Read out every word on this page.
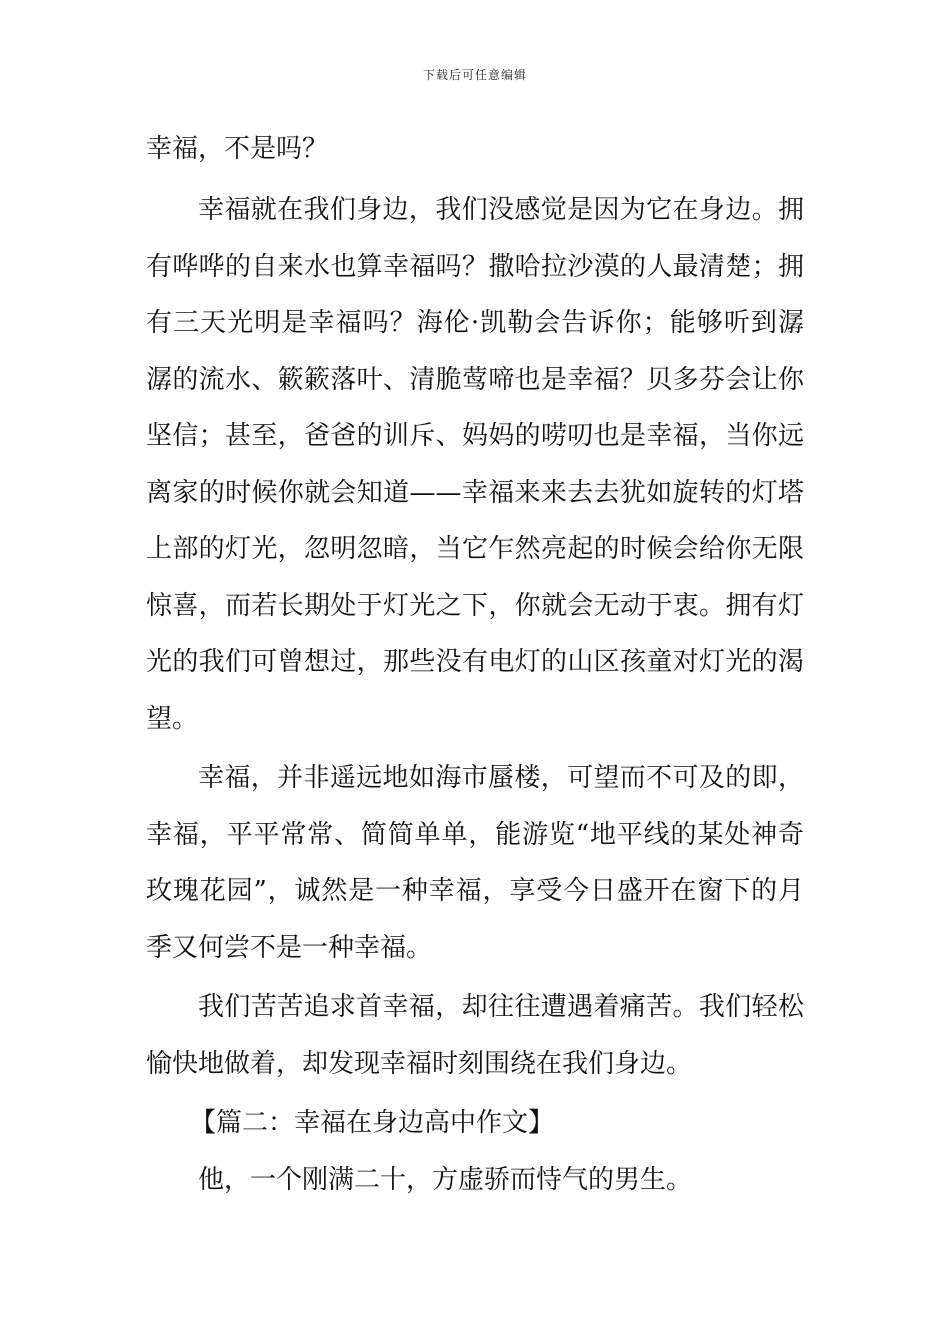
下载后可任意编辑
幸福，不是吗？
幸福就在我们身边，我们没感觉是因为它在身边。拥
有哗哗的自来水也算幸福吗？撒哈拉沙漠的人最清楚；拥
有三天光明是幸福吗？海伦·凯勒会告诉你；能够听到潺
潺的流水、簌簌落叶、清脆莺啼也是幸福？贝多芬会让你
坚信；甚至，爸爸的训斥、妈妈的唠叨也是幸福，当你远
离家的时候你就会知道——幸福来来去去犹如旋转的灯塔
上部的灯光，忽明忽暗，当它乍然亮起的时候会给你无限
惊喜，而若长期处于灯光之下，你就会无动于衷。拥有灯
光的我们可曾想过，那些没有电灯的山区孩童对灯光的渴
望。
幸福，并非遥远地如海市蜃楼，可望而不可及的即，
幸福，平平常常、简简单单，能游览“地平线的某处神奇
玫瑰花园”，诚然是一种幸福，享受今日盛开在窗下的月
季又何尝不是一种幸福。
我们苦苦追求首幸福，却往往遭遇着痛苦。我们轻松
愉快地做着，却发现幸福时刻围绕在我们身边。
【篇二：幸福在身边高中作文】
他，一个刚满二十，方虚骄而恃气的男生。
